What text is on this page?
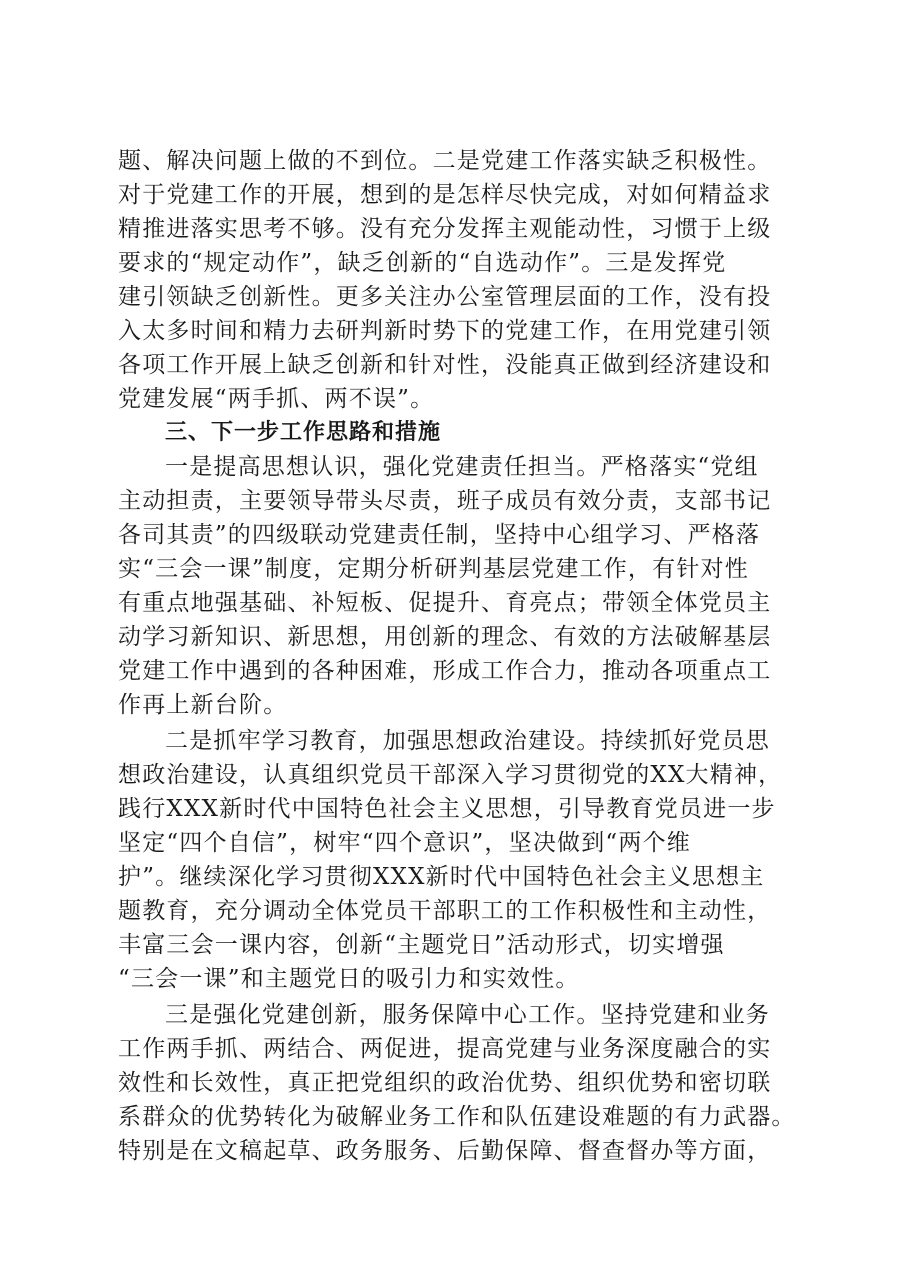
题、解决问题上做的不到位。二是党建工作落实缺乏积极性。
对于党建工作的开展，想到的是怎样尽快完成，对如何精益求
精推进落实思考不够。没有充分发挥主观能动性，习惯于上级
要求的“规定动作”，缺乏创新的“自选动作”。三是发挥党
建引领缺乏创新性。更多关注办公室管理层面的工作，没有投
入太多时间和精力去研判新时势下的党建工作，在用党建引领
各项工作开展上缺乏创新和针对性，没能真正做到经济建设和
党建发展“两手抓、两不误”。
三、下一步工作思路和措施
一是提高思想认识，强化党建责任担当。严格落实“党组
主动担责，主要领导带头尽责，班子成员有效分责，支部书记
各司其责”的四级联动党建责任制，坚持中心组学习、严格落
实“三会一课”制度，定期分析研判基层党建工作，有针对性
有重点地强基础、补短板、促提升、育亮点；带领全体党员主
动学习新知识、新思想，用创新的理念、有效的方法破解基层
党建工作中遇到的各种困难，形成工作合力，推动各项重点工
作再上新台阶。
二是抓牢学习教育，加强思想政治建设。持续抓好党员思
想政治建设，认真组织党员干部深入学习贯彻党的XX大精神，
践行XXX新时代中国特色社会主义思想，引导教育党员进一步
坚定“四个自信”，树牢“四个意识”，坚决做到“两个维
护”。继续深化学习贯彻XXX新时代中国特色社会主义思想主
题教育，充分调动全体党员干部职工的工作积极性和主动性，
丰富三会一课内容，创新“主题党日”活动形式，切实增强
“三会一课”和主题党日的吸引力和实效性。
三是强化党建创新，服务保障中心工作。坚持党建和业务
工作两手抓、两结合、两促进，提高党建与业务深度融合的实
效性和长效性，真正把党组织的政治优势、组织优势和密切联
系群众的优势转化为破解业务工作和队伍建设难题的有力武器。
特别是在文稿起草、政务服务、后勤保障、督查督办等方面，
